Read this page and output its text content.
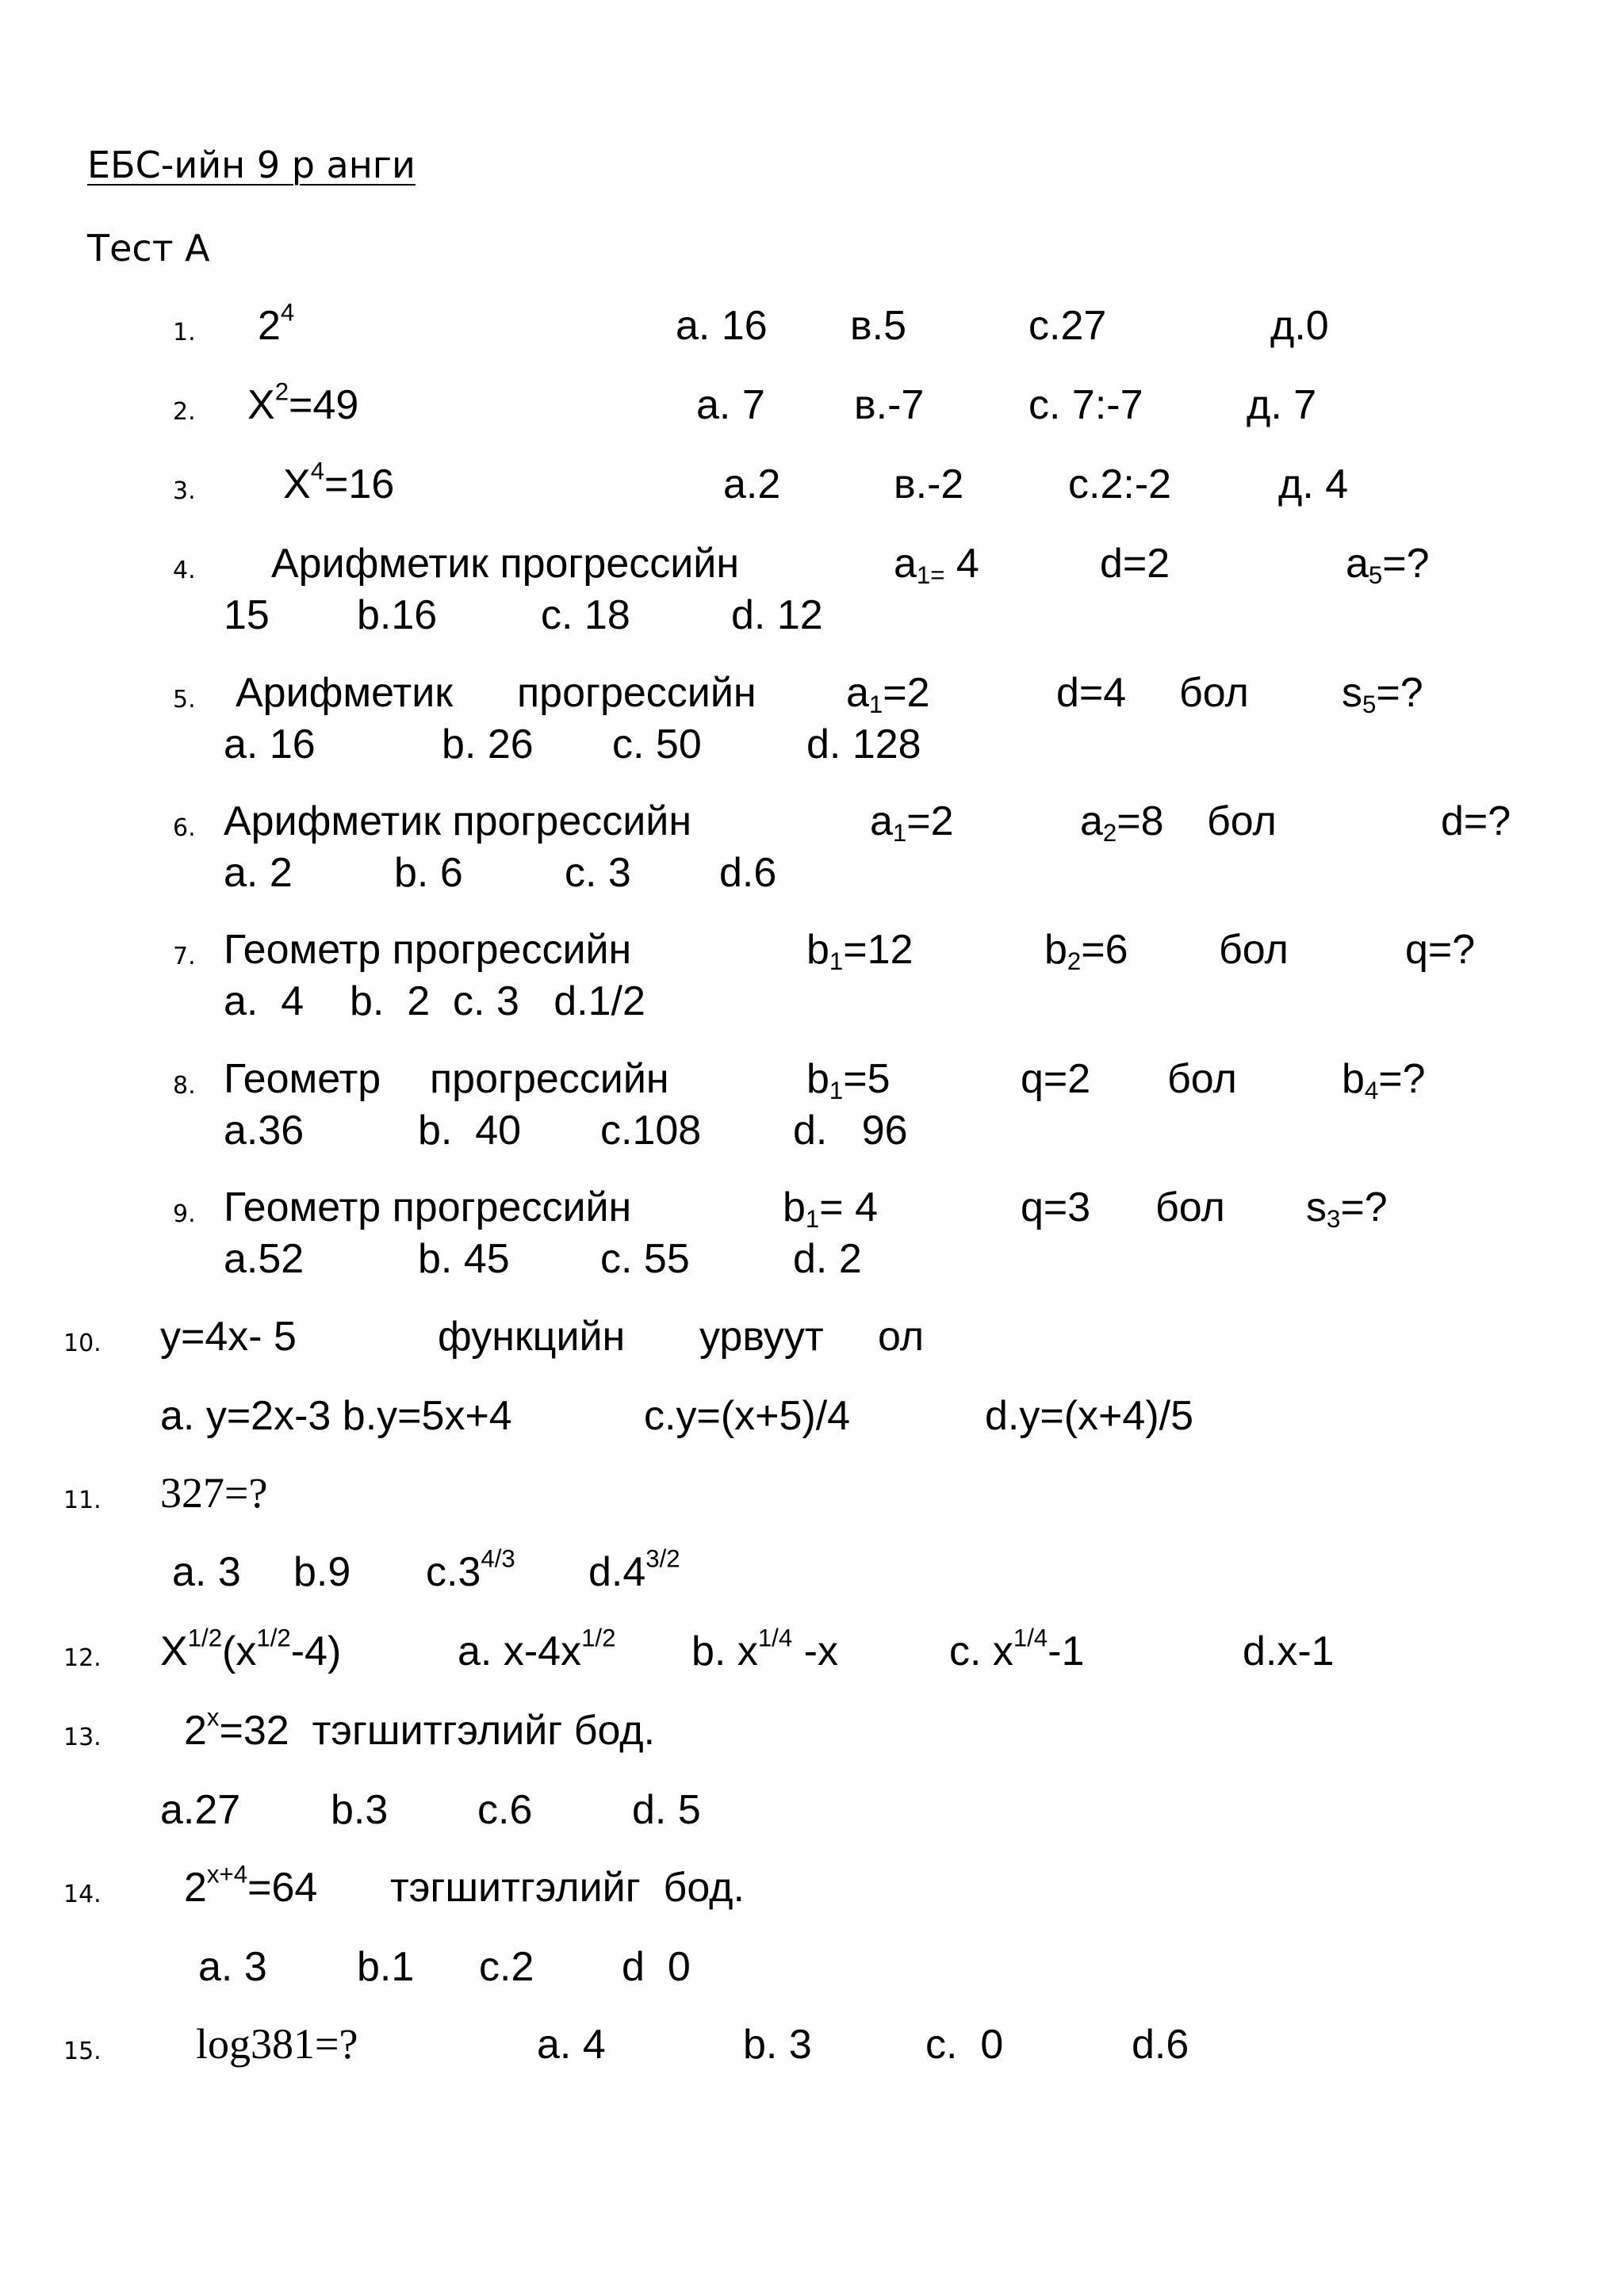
ЕБС-ийн 9 р анги
Тест А
1. $2^4$	a. 16 в.5	c.27	д.0
2. $X^2=49$	a. 7 в.-7	c. 7:-7	д. 7
3. $X^4=16$	a.2	в.-2	c.2:-2	д. 4
4. Арифметик прогрессийн	$a_{1=}$ 4	d=2	$a_5=$?
15 b.16	c. 18 d. 12
5. Арифметик прогрессийн $a_1=2$	d=4 бол $s_5=$?
a. 16	b. 26 c. 50	d. 128
6. Арифметик прогрессийн	$a_1=2$	$a_2=8$ бол	d=?
a. 2 b. 6 c. 3 d.6
7. Геометр прогрессийн	$b_1=12$	$b_2=6$ бол	q=?
a.  4    b.  2  c. 3   d.1/2
8. Геометр прогрессийн	$b_1=5$	q=2 бол	$b_4=$?
a.36	b.  40 c.108 d.   96
9. Геометр прогрессийн	$b_1= 4$	q=3 бол $s_3=$?
a.52	b. 45 c. 55	d. 2
10. y=4x- 5	функцийн урвуут ол
a. y=2x-3 b.y=5x+4	c.y=(x+5)/4	d.y=(x+4)/5
11. 327=?
a. 3 b.9 $c.3^{4/3}$ $d.4^{3/2}$
12. $X^{1/2}(x^{1/2}-4)$	a. $x-4x^{1/2}$ b. $x^{1/4}$ -x	c. $x^{1/4}-1$	d.x-1
13. $2^x=32$  тэгшитгэлийг бод.
a.27 b.3 c.6 d. 5
14. $2^{x+4}=64$ тэгшитгэлийг  бод.
a. 3 b.1 c.2 d  0
15. log381=?	a. 4	b. 3	c.  0	d.6
